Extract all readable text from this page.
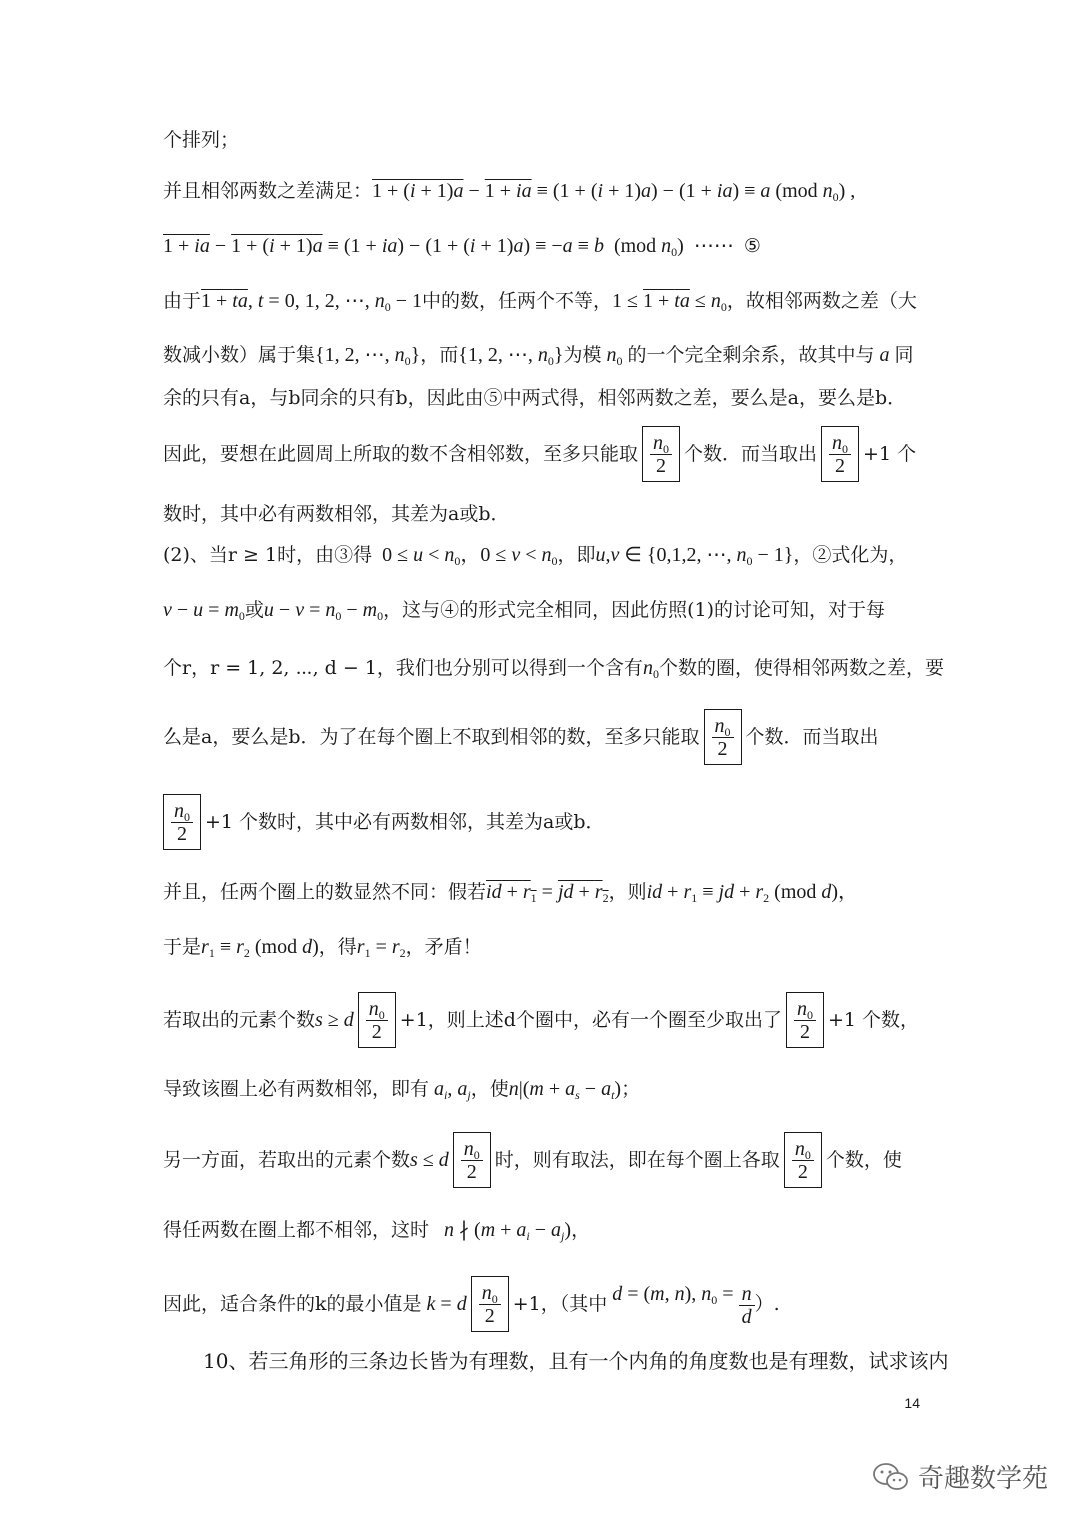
个排列；
并且相邻两数之差满足： 1 + (i + 1)a − 1 + ia ≡ (1 + (i + 1)a) − (1 + ia) ≡ a (mod $n_0$) ,
1 + ia − 1 + (i + 1)a ≡ (1 + ia) − (1 + (i + 1)a) ≡ −a ≡ b  (mod $n_0$)  ⋯⋯ ⑤
由于 1 + ta, t = 0, 1, 2, ⋯, $n_0 - 1$ 中的数，任两个不等， 1 ≤ 1 + ta ≤ $n_0$ ，故相邻两数之差（大
数减小数）属于集 {1, 2, ⋯, $n_0$} ，而 {1, 2, ⋯, $n_0$} 为模 $n_0$ 的一个完全剩余系，故其中与 a 同
余的只有a，与b同余的只有b，因此由⑤中两式得，相邻两数之差，要么是a，要么是b．
因此，要想在此圆周上所取的数不含相邻数，至多只能取 $\frac{n_0}{2}$ 个数．而当取出 $\frac{n_0}{2} +1$ 个
数时，其中必有两数相邻，其差为a或b．
(2)、当r ≥ 1时，由③得 $0 \le u < n_0$，$0 \le v < n_0$ ，即 u,v ∈ {0,1,2, ⋯, $n_0 - 1$} ，②式化为，
$v - u = m_0$ 或 $u - v = n_0 - m_0$ ，这与④的形式完全相同，因此仿照(1)的讨论可知，对于每
个r，r = 1, 2, ⋯, d − 1，我们也分别可以得到一个含有 $n_0$ 个数的圈，使得相邻两数之差，要
么是a，要么是b．为了在每个圈上不取到相邻的数，至多只能取 $\frac{n_0}{2}$ 个数．而当取出
$\frac{n_0}{2} +1$ 个数时，其中必有两数相邻，其差为a或b．
并且，任两个圈上的数显然不同：假若 id + $r_1$ = jd + $r_2$ ，则 id + $r_1$ ≡ jd + $r_2$ (mod d)，
于是 $r_1 \equiv r_2$ (mod d) ，得 $r_1 = r_2$ ，矛盾！
若取出的元素个数 s ≥ d $\frac{n_0}{2} +1$，则上述d个圈中，必有一个圈至少取出了 $\frac{n_0}{2} +1$ 个数，
导致该圈上必有两数相邻，即有 $a_i$, $a_j$ ，使 $n|(m + a_s - a_t)$ ；
另一方面，若取出的元素个数 s ≤ d $\frac{n_0}{2}$ 时，则有取法，即在每个圈上各取 $\frac{n_0}{2}$ 个数，使
得任两数在圈上都不相邻，这时 n ∤ $(m + a_i - a_j)$ ，
因此，适合条件的k的最小值是 k = d $\frac{n_0}{2} +1$，（其中 d = (m, n), $n_0 = \frac{n}{d}$ ）.
10、若三角形的三条边长皆为有理数，且有一个内角的角度数也是有理数，试求该内
14
奇趣数学苑
